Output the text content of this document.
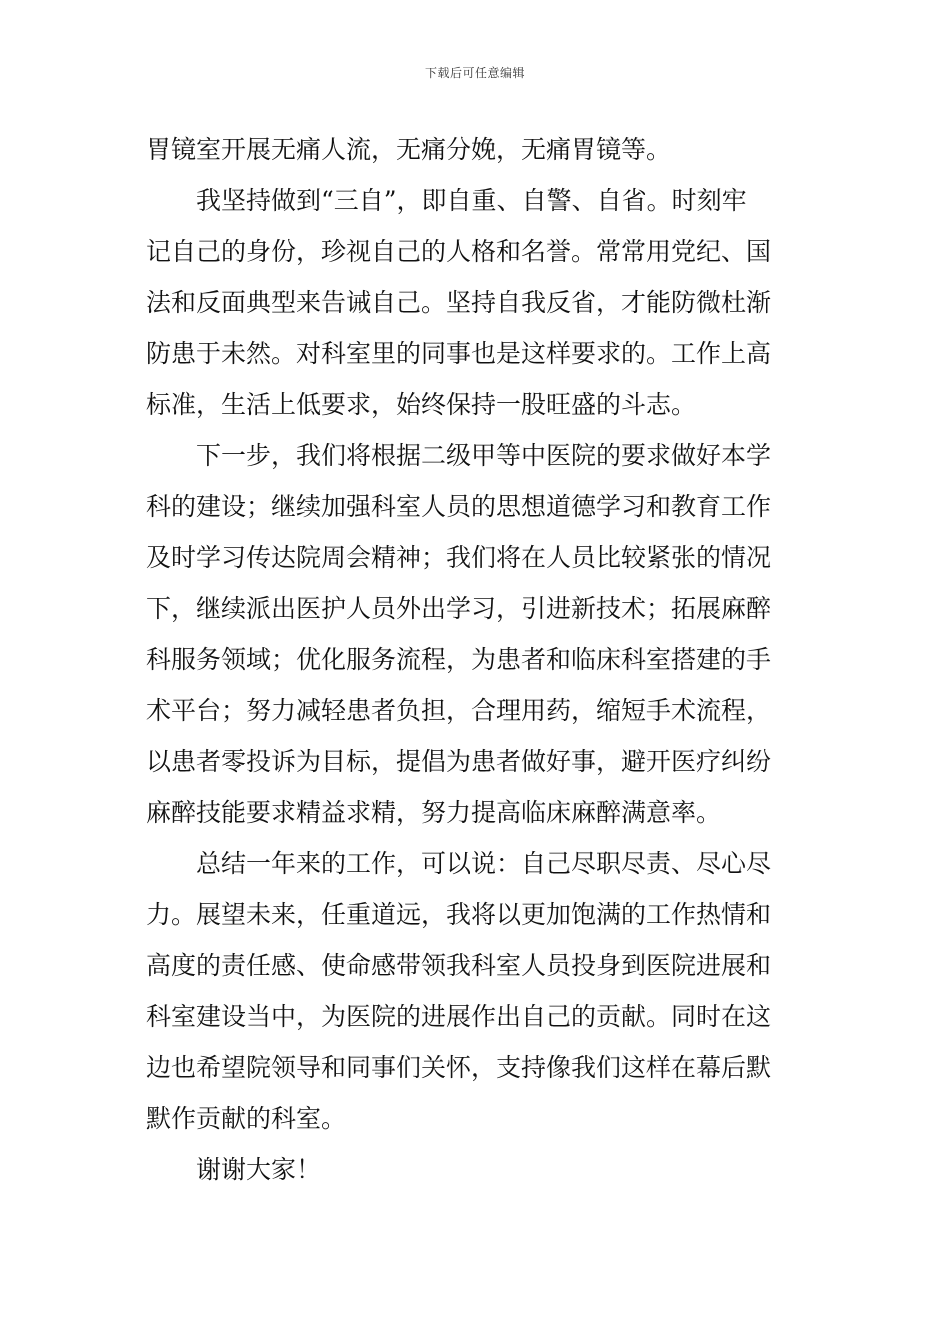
下载后可任意编辑
胃镜室开展无痛人流，无痛分娩，无痛胃镜等。
我坚持做到“三自”，即自重、自警、自省。时刻牢
记自己的身份，珍视自己的人格和名誉。常常用党纪、国
法和反面典型来告诫自己。坚持自我反省，才能防微杜渐
防患于未然。对科室里的同事也是这样要求的。工作上高
标准，生活上低要求，始终保持一股旺盛的斗志。
下一步，我们将根据二级甲等中医院的要求做好本学
科的建设；继续加强科室人员的思想道德学习和教育工作
及时学习传达院周会精神；我们将在人员比较紧张的情况
下，继续派出医护人员外出学习，引进新技术；拓展麻醉
科服务领域；优化服务流程，为患者和临床科室搭建的手
术平台；努力减轻患者负担，合理用药，缩短手术流程，
以患者零投诉为目标，提倡为患者做好事，避开医疗纠纷
麻醉技能要求精益求精，努力提高临床麻醉满意率。
总结一年来的工作，可以说：自己尽职尽责、尽心尽
力。展望未来，任重道远，我将以更加饱满的工作热情和
高度的责任感、使命感带领我科室人员投身到医院进展和
科室建设当中，为医院的进展作出自己的贡献。同时在这
边也希望院领导和同事们关怀，支持像我们这样在幕后默
默作贡献的科室。
谢谢大家！
